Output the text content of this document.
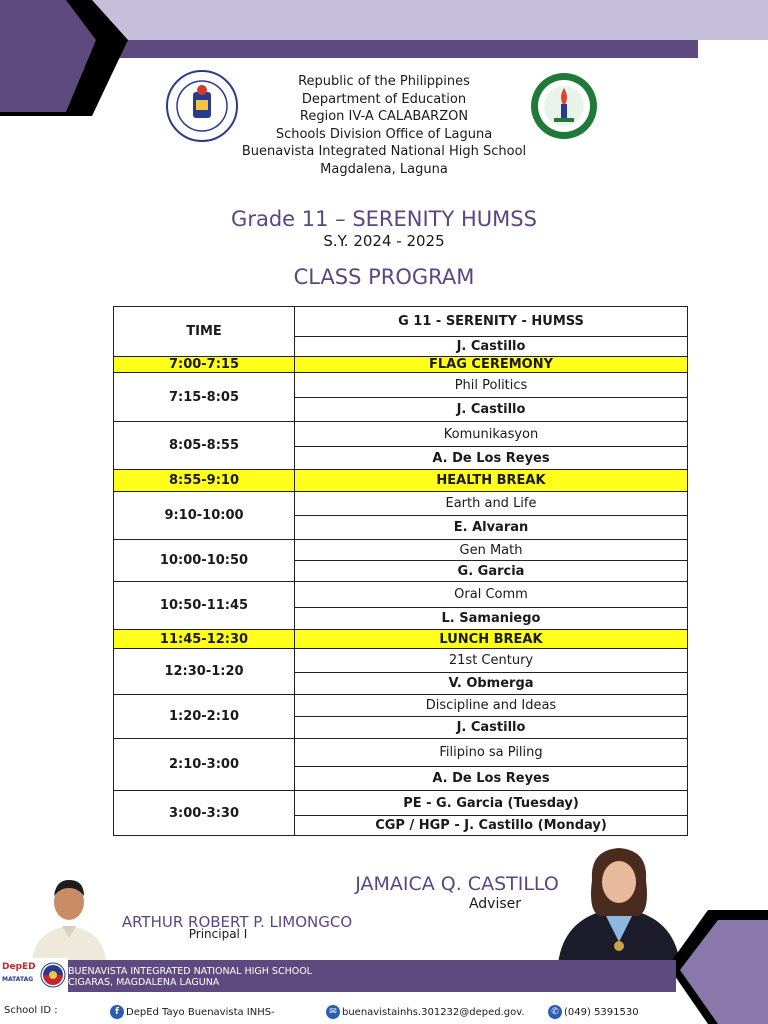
Republic of the Philippines
Department of Education
Region IV-A CALABARZON
Schools Division Office of Laguna
Buenavista Integrated National High School
Magdalena, Laguna
Grade 11 – SERENITY HUMSS
S.Y. 2024 - 2025
CLASS PROGRAM
TIME	G 11 - SERENITY - HUMSS
	J. Castillo
7:00-7:15	FLAG CEREMONY
7:15-8:05	Phil Politics
	J. Castillo
8:05-8:55	Komunikasyon
	A. De Los Reyes
8:55-9:10	HEALTH BREAK
9:10-10:00	Earth and Life
	E. Alvaran
10:00-10:50	Gen Math
	G. Garcia
10:50-11:45	Oral Comm
	L. Samaniego
11:45-12:30	LUNCH BREAK
12:30-1:20	21st Century
	V. Obmerga
1:20-2:10	Discipline and Ideas
	J. Castillo
2:10-3:00	Filipino sa Piling
	A. De Los Reyes
3:00-3:30	PE - G. Garcia (Tuesday)
	CGP / HGP - J. Castillo (Monday)
JAMAICA Q. CASTILLO
Adviser
ARTHUR ROBERT P. LIMONGCO
Principal I
DepED
MATATAG
BUENAVISTA INTEGRATED NATIONAL HIGH SCHOOL
CIGARAS, MAGDALENA LAGUNA
School ID :	f DepEd Tayo Buenavista INHS-	✉ buenavistainhs.301232@deped.gov.	✆ (049) 5391530
